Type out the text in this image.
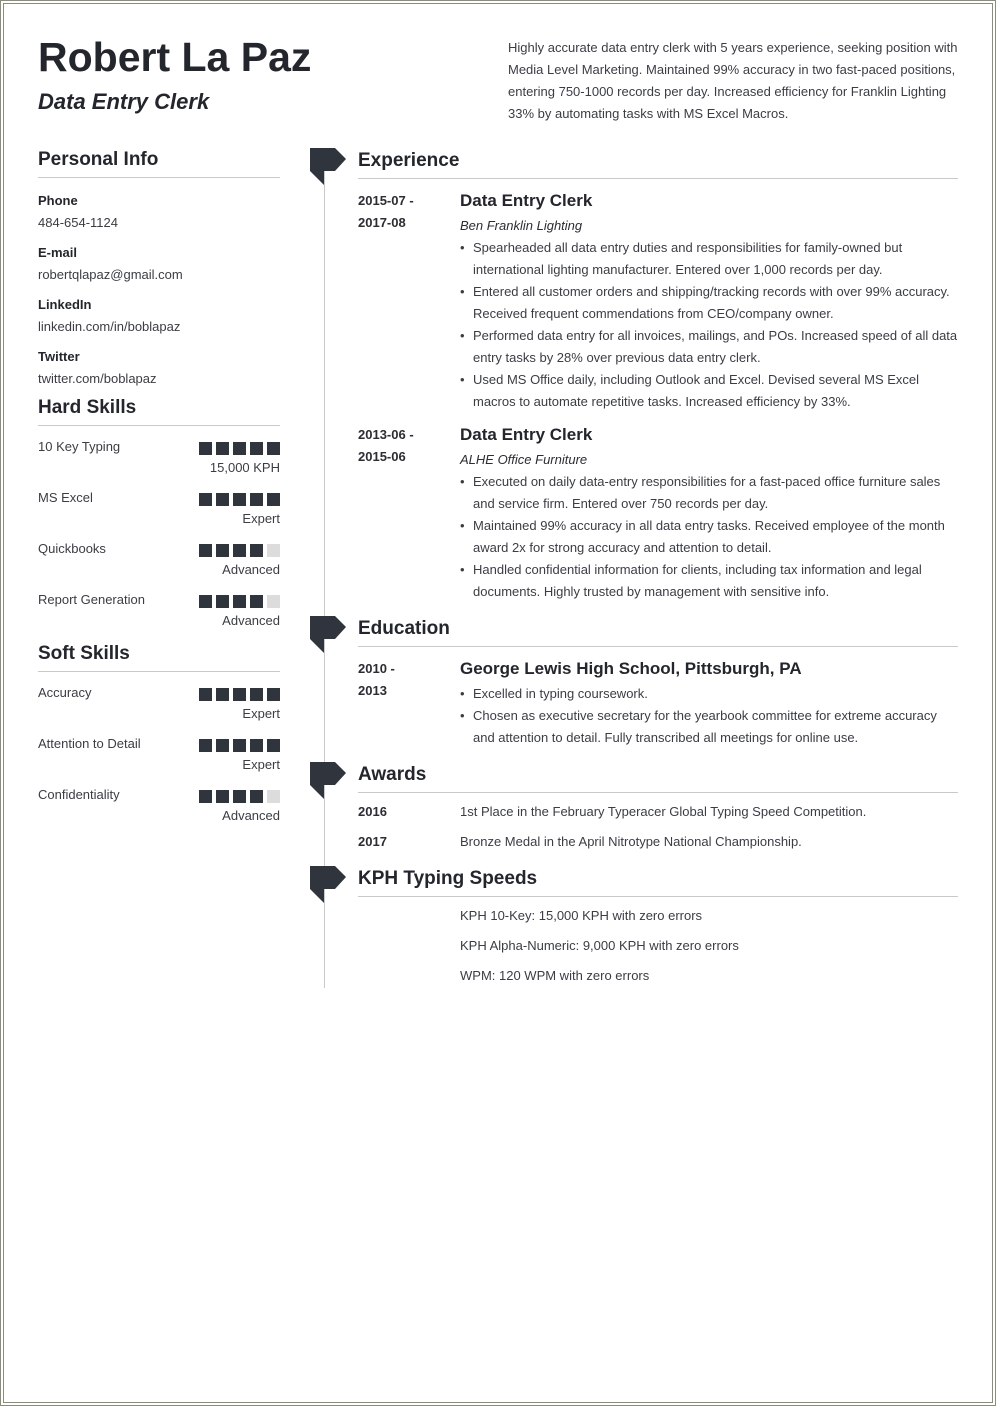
Robert La Paz
Data Entry Clerk

Highly accurate data entry clerk with 5 years experience, seeking position with Media Level Marketing. Maintained 99% accuracy in two fast-paced positions, entering 750-1000 records per day. Increased efficiency for Franklin Lighting 33% by automating tasks with MS Excel Macros.

Personal Info
Phone
484-654-1124
E-mail
robertqlapaz@gmail.com
LinkedIn
linkedin.com/in/boblapaz
Twitter
twitter.com/boblapaz
Hard Skills
10 Key Typing
15,000 KPH
MS Excel
Expert
Quickbooks
Advanced
Report Generation
Advanced
Soft Skills
Accuracy
Expert
Attention to Detail
Expert
Confidentiality
Advanced
Experience
2015-07 -
2017-08
Data Entry Clerk
Ben Franklin Lighting
• Spearheaded all data entry duties and responsibilities for family-owned but international lighting manufacturer. Entered over 1,000 records per day.
• Entered all customer orders and shipping/tracking records with over 99% accuracy. Received frequent commendations from CEO/company owner.
• Performed data entry for all invoices, mailings, and POs. Increased speed of all data entry tasks by 28% over previous data entry clerk.
• Used MS Office daily, including Outlook and Excel. Devised several MS Excel macros to automate repetitive tasks. Increased efficiency by 33%.
2013-06 -
2015-06
Data Entry Clerk
ALHE Office Furniture
• Executed on daily data-entry responsibilities for a fast-paced office furniture sales and service firm. Entered over 750 records per day.
• Maintained 99% accuracy in all data entry tasks. Received employee of the month award 2x for strong accuracy and attention to detail.
• Handled confidential information for clients, including tax information and legal documents. Highly trusted by management with sensitive info.
Education
2010 -
2013
George Lewis High School, Pittsburgh, PA
• Excelled in typing coursework.
• Chosen as executive secretary for the yearbook committee for extreme accuracy and attention to detail. Fully transcribed all meetings for online use.
Awards
2016	1st Place in the February Typeracer Global Typing Speed Competition.
2017	Bronze Medal in the April Nitrotype National Championship.
KPH Typing Speeds
KPH 10-Key: 15,000 KPH with zero errors
KPH Alpha-Numeric: 9,000 KPH with zero errors
WPM: 120 WPM with zero errors
